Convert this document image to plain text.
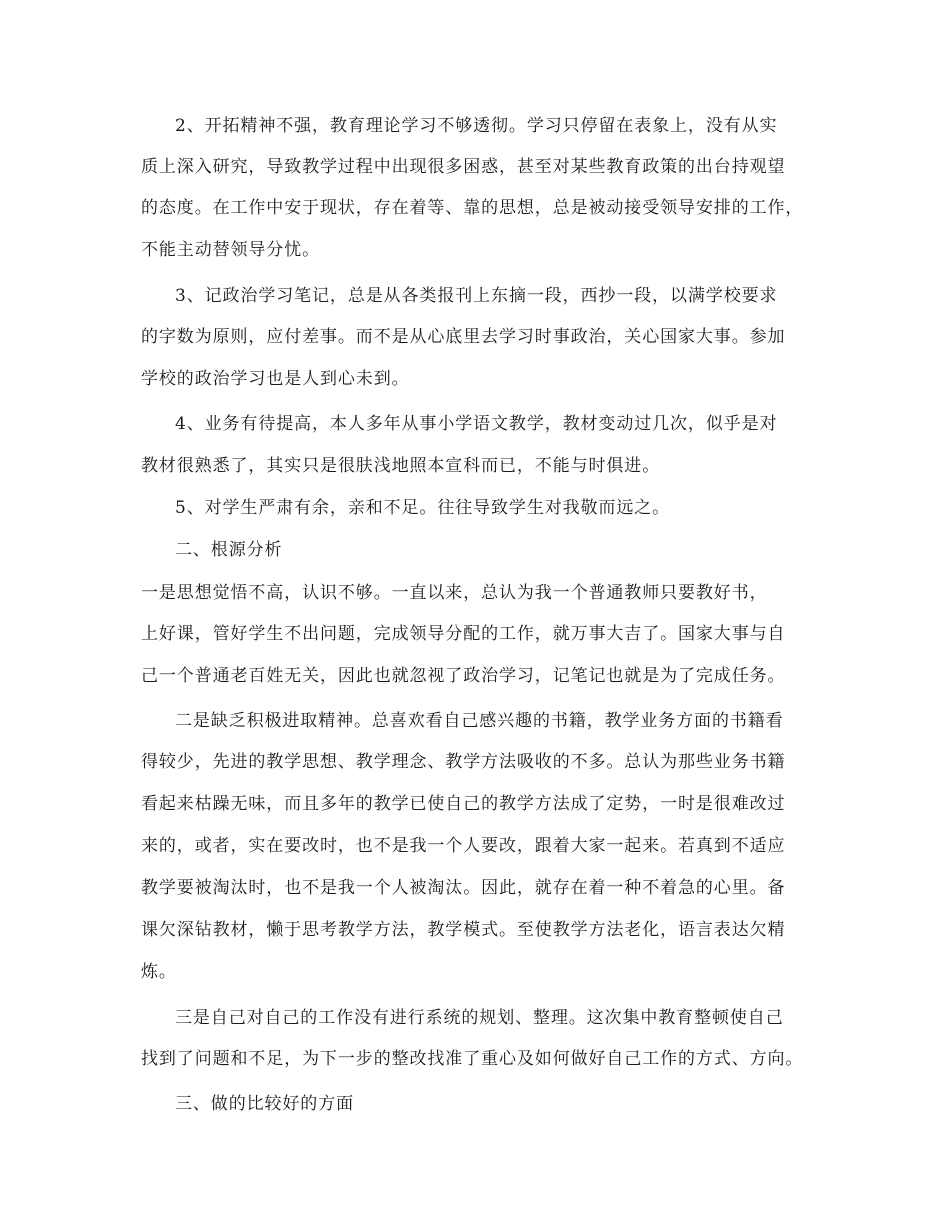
2、开拓精神不强，教育理论学习不够透彻。学习只停留在表象上，没有从实
质上深入研究，导致教学过程中出现很多困惑，甚至对某些教育政策的出台持观望
的态度。在工作中安于现状，存在着等、靠的思想，总是被动接受领导安排的工作，
不能主动替领导分忧。
3、记政治学习笔记，总是从各类报刊上东摘一段，西抄一段，以满学校要求
的字数为原则，应付差事。而不是从心底里去学习时事政治，关心国家大事。参加
学校的政治学习也是人到心未到。
4、业务有待提高，本人多年从事小学语文教学，教材变动过几次，似乎是对
教材很熟悉了，其实只是很肤浅地照本宣科而已，不能与时俱进。
5、对学生严肃有余，亲和不足。往往导致学生对我敬而远之。
二、根源分析
一是思想觉悟不高，认识不够。一直以来，总认为我一个普通教师只要教好书，
上好课，管好学生不出问题，完成领导分配的工作，就万事大吉了。国家大事与自
己一个普通老百姓无关，因此也就忽视了政治学习，记笔记也就是为了完成任务。
二是缺乏积极进取精神。总喜欢看自己感兴趣的书籍，教学业务方面的书籍看
得较少，先进的教学思想、教学理念、教学方法吸收的不多。总认为那些业务书籍
看起来枯躁无味，而且多年的教学已使自己的教学方法成了定势，一时是很难改过
来的，或者，实在要改时，也不是我一个人要改，跟着大家一起来。若真到不适应
教学要被淘汰时，也不是我一个人被淘汰。因此，就存在着一种不着急的心里。备
课欠深钻教材，懒于思考教学方法，教学模式。至使教学方法老化，语言表达欠精
炼。
三是自己对自己的工作没有进行系统的规划、整理。这次集中教育整顿使自己
找到了问题和不足，为下一步的整改找准了重心及如何做好自己工作的方式、方向。
三、做的比较好的方面
